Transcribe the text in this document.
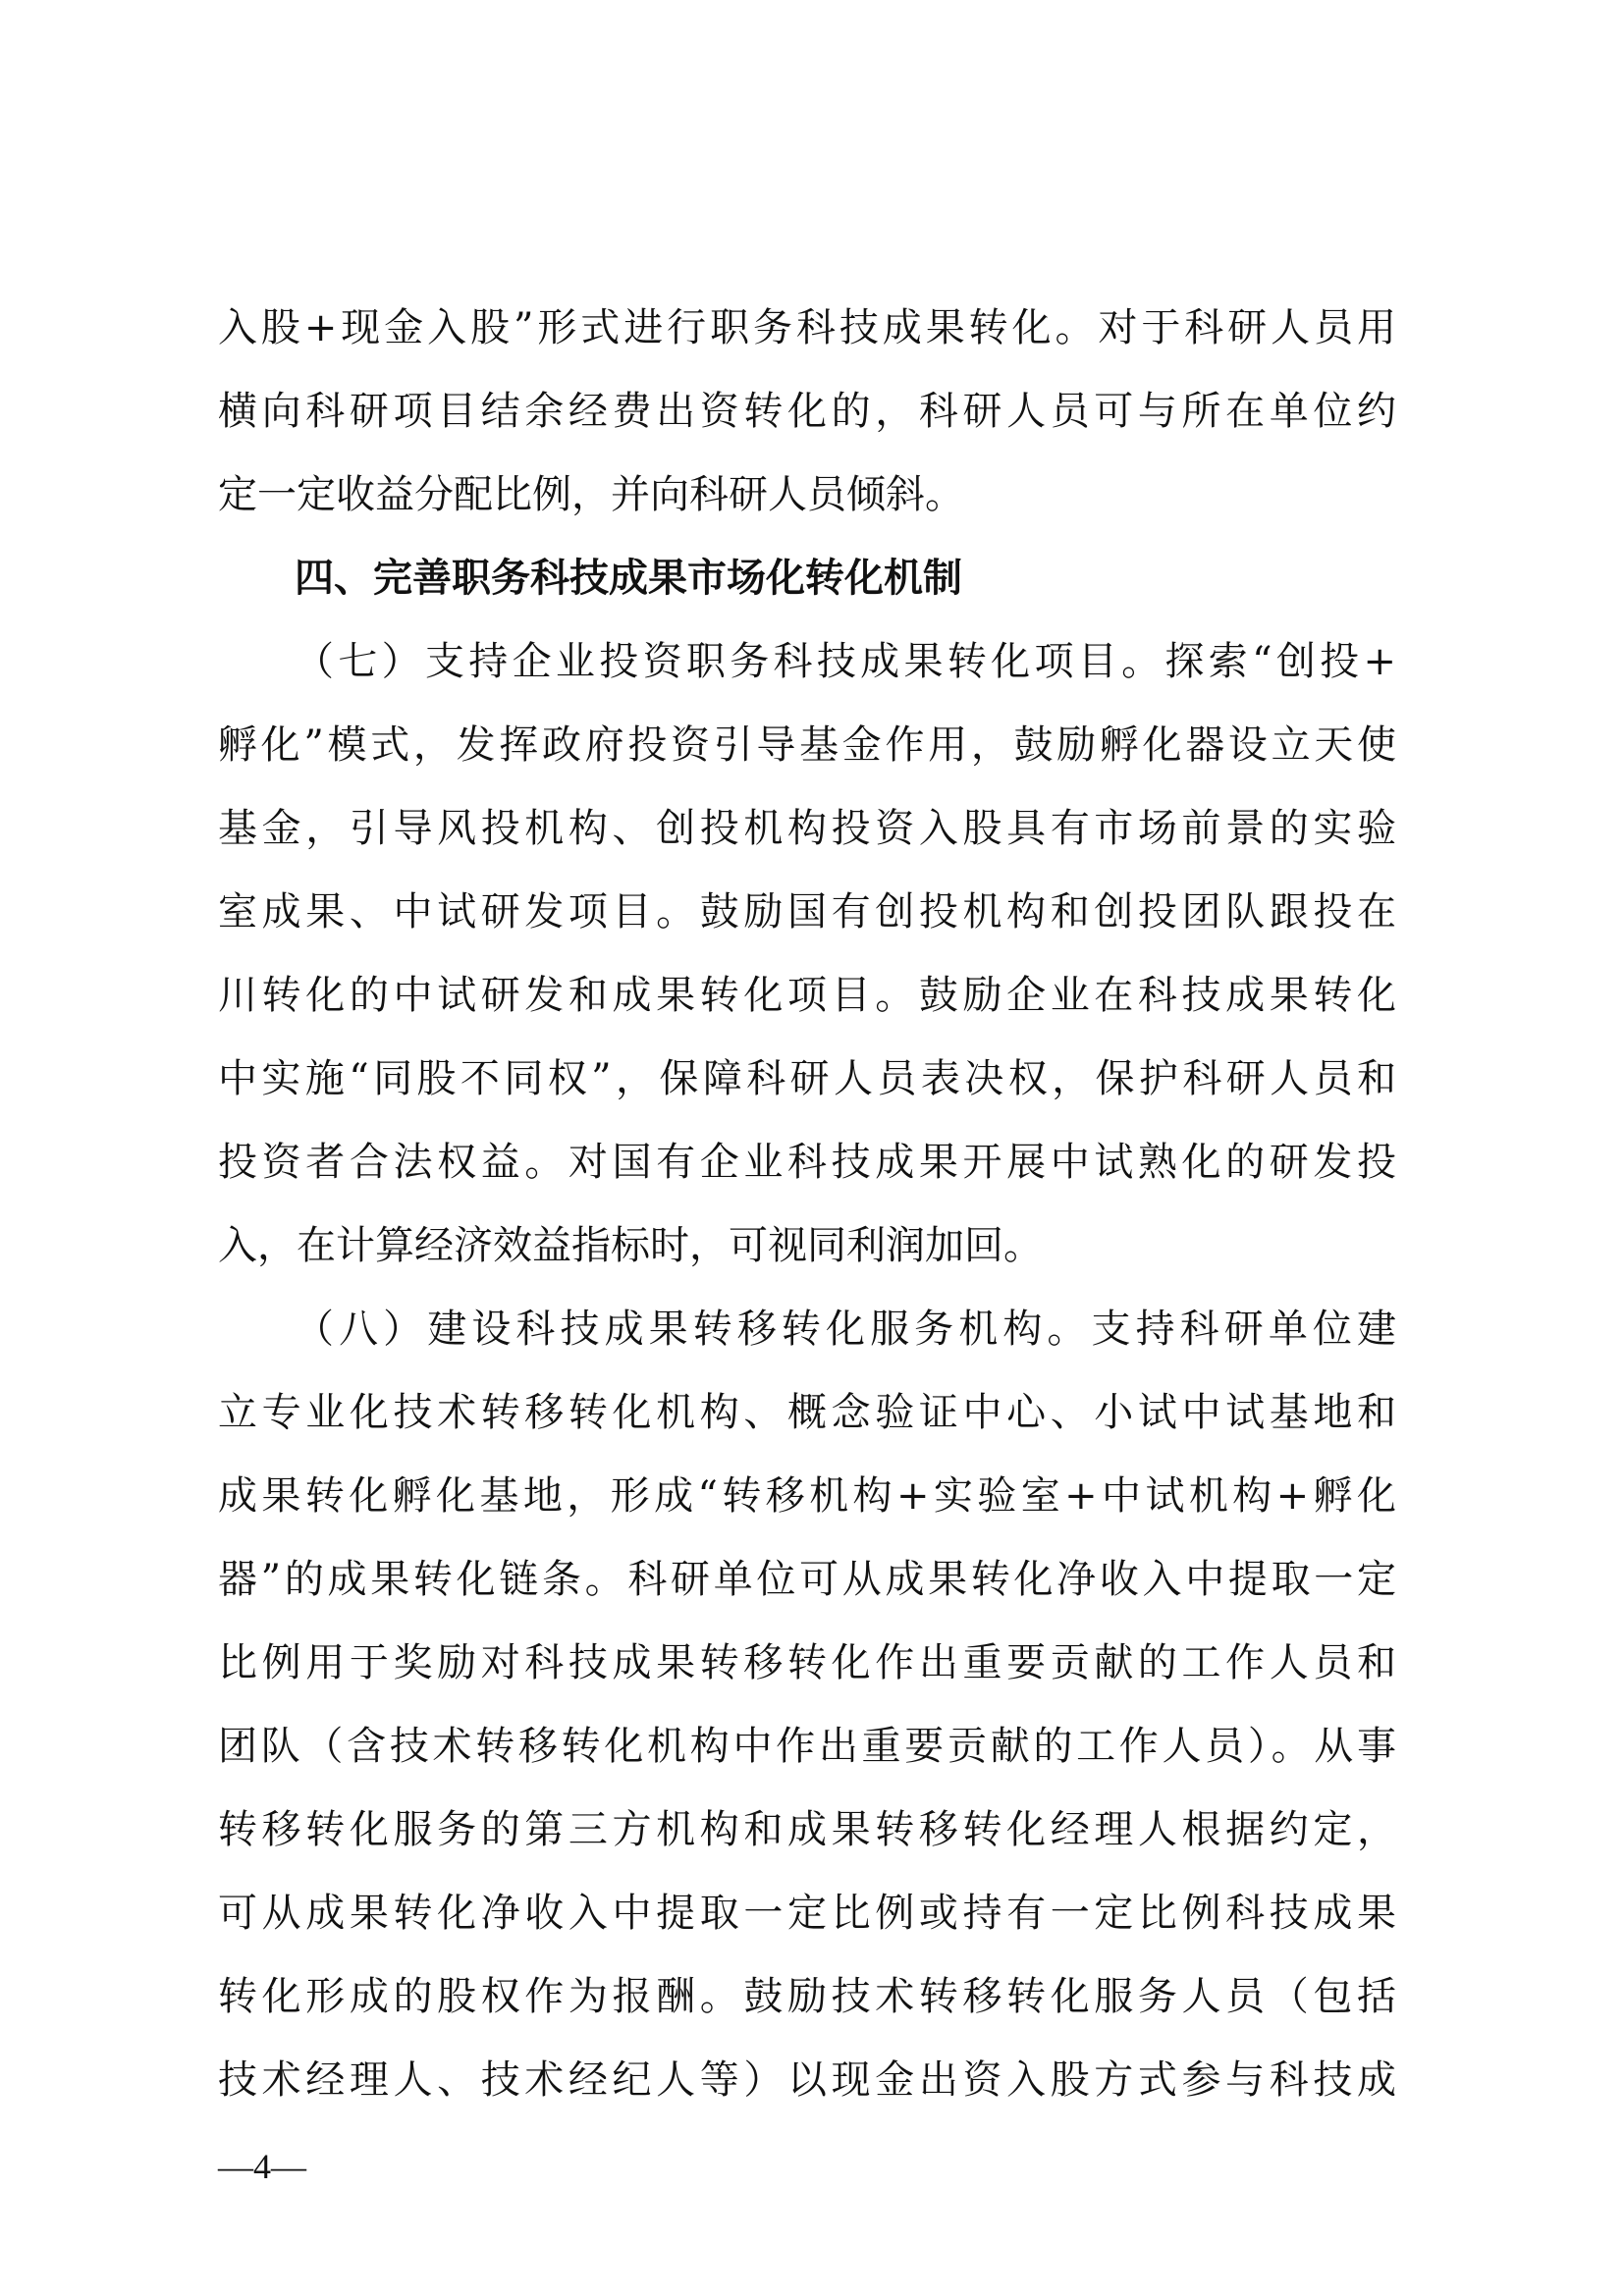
入股+现金入股”形式进行职务科技成果转化。对于科研人员用
横向科研项目结余经费出资转化的，科研人员可与所在单位约
定一定收益分配比例，并向科研人员倾斜。
四、完善职务科技成果市场化转化机制
（七）支持企业投资职务科技成果转化项目。探索“创投+
孵化”模式，发挥政府投资引导基金作用，鼓励孵化器设立天使
基金，引导风投机构、创投机构投资入股具有市场前景的实验
室成果、中试研发项目。鼓励国有创投机构和创投团队跟投在
川转化的中试研发和成果转化项目。鼓励企业在科技成果转化
中实施“同股不同权”，保障科研人员表决权，保护科研人员和
投资者合法权益。对国有企业科技成果开展中试熟化的研发投
入，在计算经济效益指标时，可视同利润加回。
（八）建设科技成果转移转化服务机构。支持科研单位建
立专业化技术转移转化机构、概念验证中心、小试中试基地和
成果转化孵化基地，形成“转移机构+实验室+中试机构+孵化
器”的成果转化链条。科研单位可从成果转化净收入中提取一定
比例用于奖励对科技成果转移转化作出重要贡献的工作人员和
团队（含技术转移转化机构中作出重要贡献的工作人员）。从事
转移转化服务的第三方机构和成果转移转化经理人根据约定，
可从成果转化净收入中提取一定比例或持有一定比例科技成果
转化形成的股权作为报酬。鼓励技术转移转化服务人员（包括
技术经理人、技术经纪人等）以现金出资入股方式参与科技成
—4—
